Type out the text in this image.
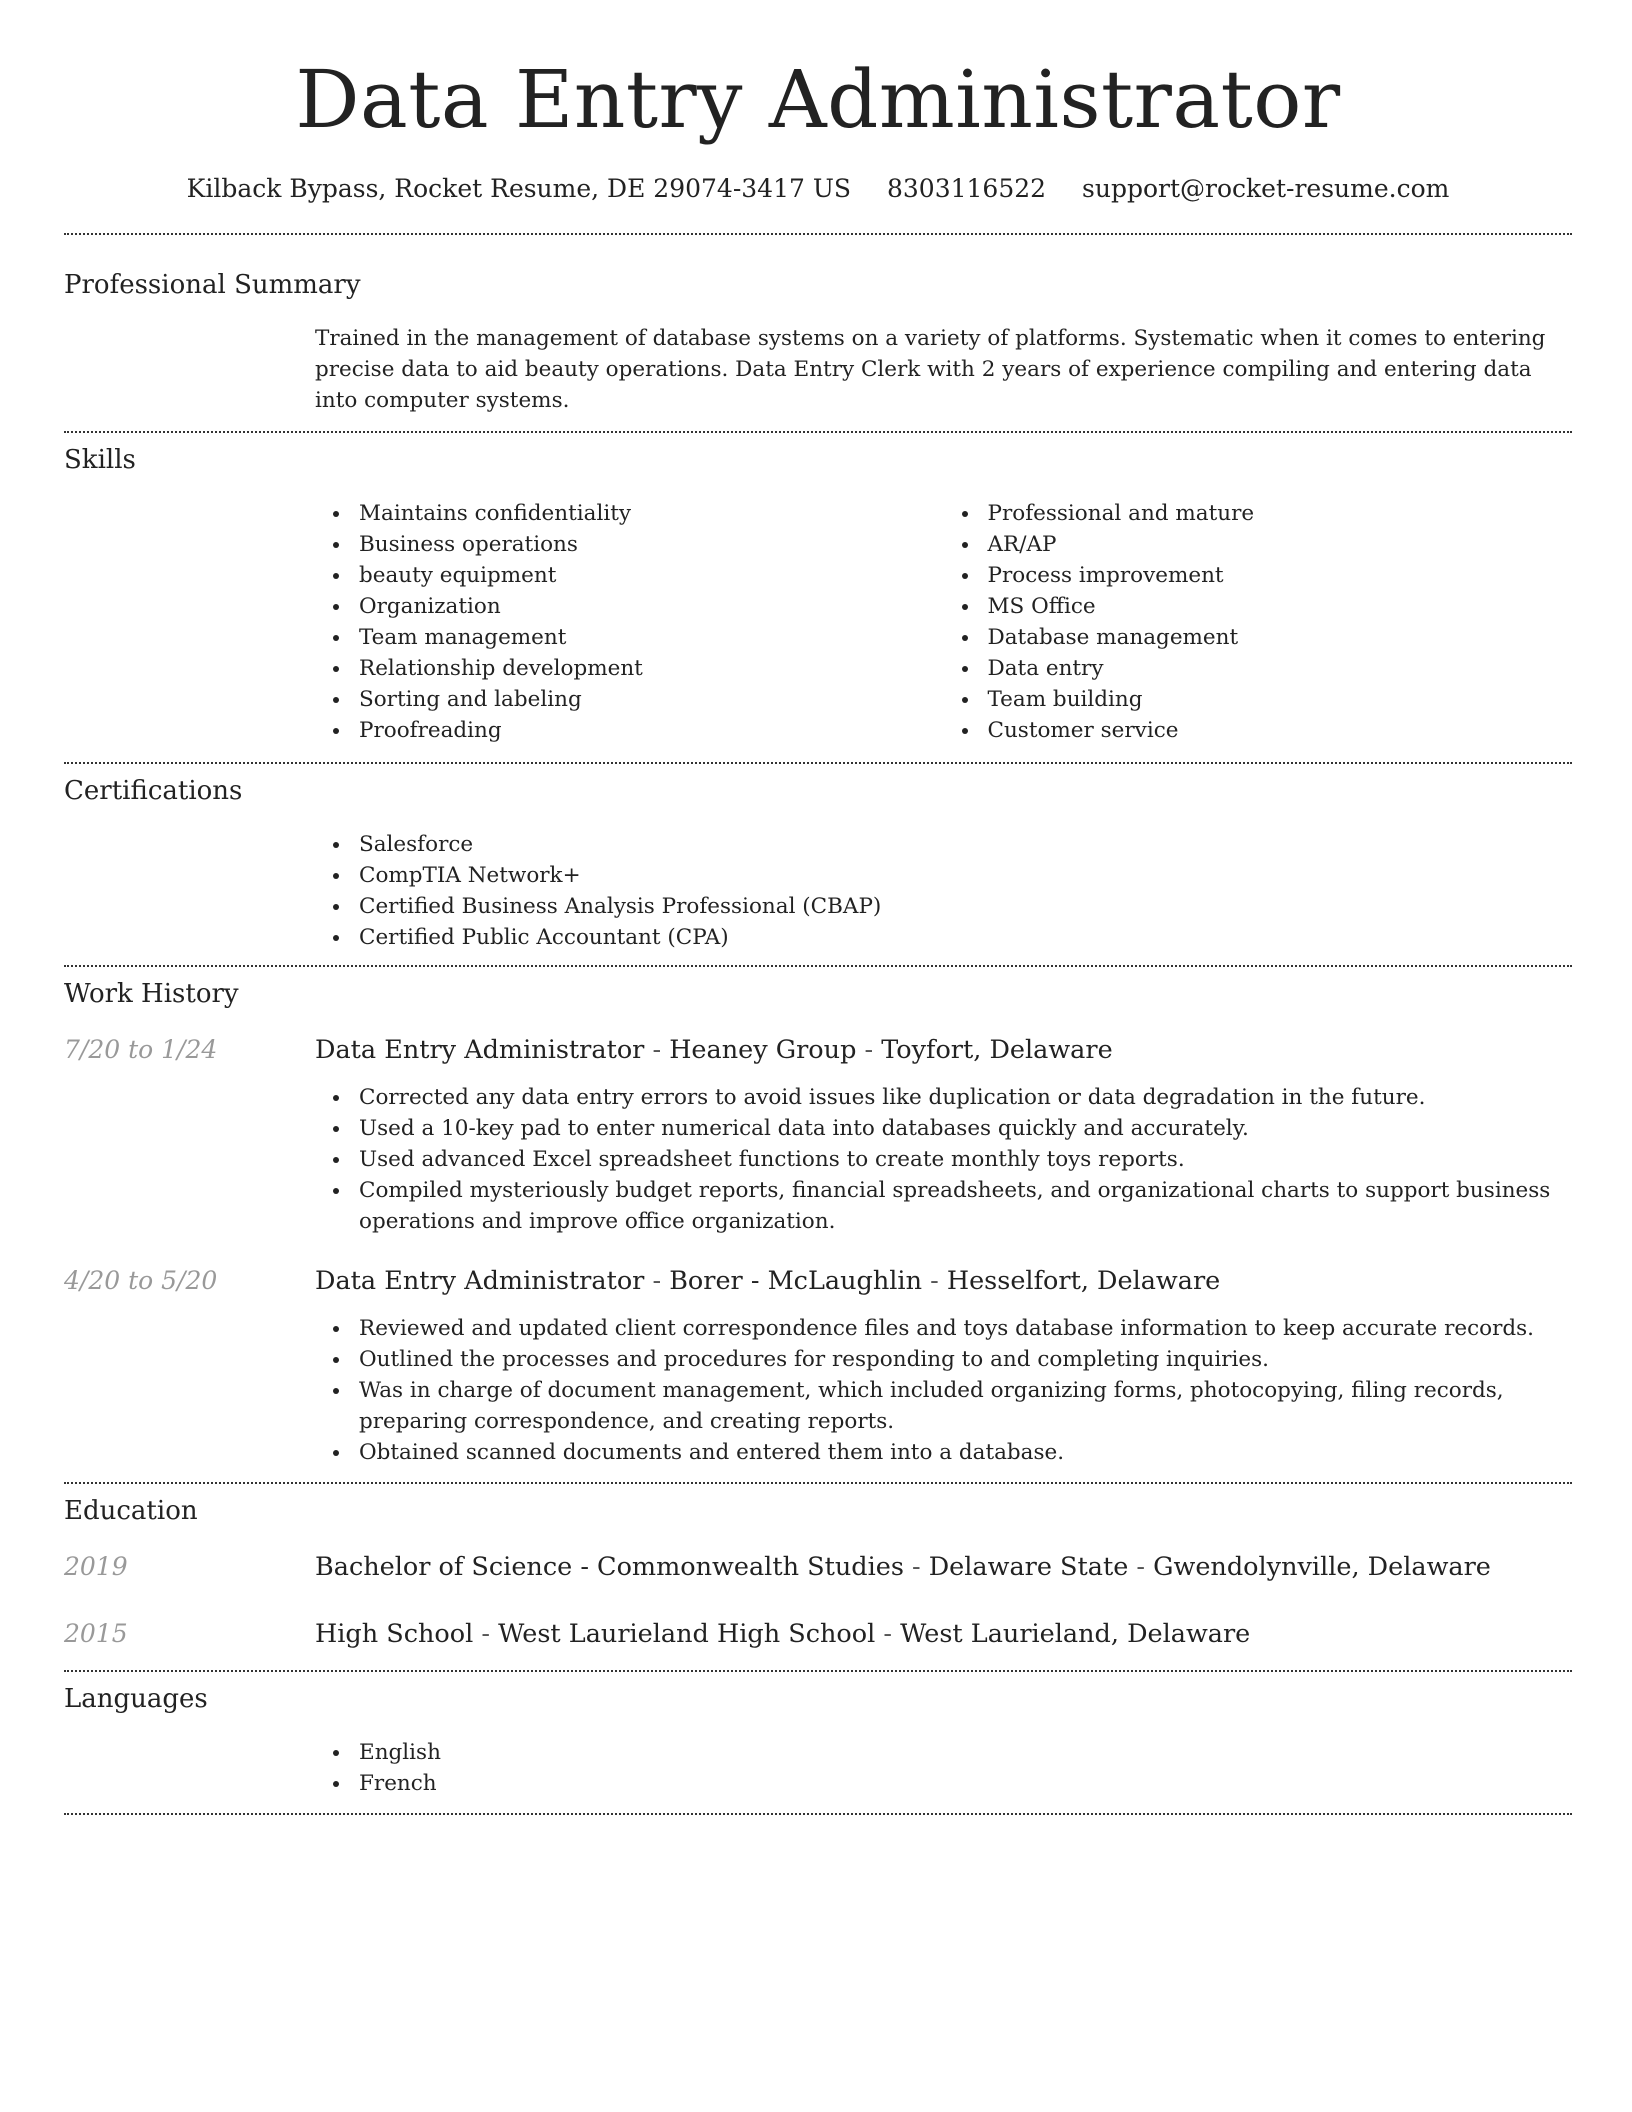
Data Entry Administrator
Kilback Bypass, Rocket Resume, DE 29074-3417 US 8303116522 support@rocket-resume.com
Professional Summary
Trained in the management of database systems on a variety of platforms. Systematic when it comes to entering precise data to aid beauty operations. Data Entry Clerk with 2 years of experience compiling and entering data into computer systems.
Skills
Maintains confidentiality
Business operations
beauty equipment
Organization
Team management
Relationship development
Sorting and labeling
Proofreading
Professional and mature
AR/AP
Process improvement
MS Office
Database management
Data entry
Team building
Customer service
Certifications
Salesforce
CompTIA Network+
Certified Business Analysis Professional (CBAP)
Certified Public Accountant (CPA)
Work History
7/20 to 1/24	Data Entry Administrator - Heaney Group - Toyfort, Delaware
Corrected any data entry errors to avoid issues like duplication or data degradation in the future.
Used a 10-key pad to enter numerical data into databases quickly and accurately.
Used advanced Excel spreadsheet functions to create monthly toys reports.
Compiled mysteriously budget reports, financial spreadsheets, and organizational charts to support business operations and improve office organization.
4/20 to 5/20	Data Entry Administrator - Borer - McLaughlin - Hesselfort, Delaware
Reviewed and updated client correspondence files and toys database information to keep accurate records.
Outlined the processes and procedures for responding to and completing inquiries.
Was in charge of document management, which included organizing forms, photocopying, filing records, preparing correspondence, and creating reports.
Obtained scanned documents and entered them into a database.
Education
2019	Bachelor of Science - Commonwealth Studies - Delaware State - Gwendolynville, Delaware
2015	High School - West Laurieland High School - West Laurieland, Delaware
Languages
English
French
